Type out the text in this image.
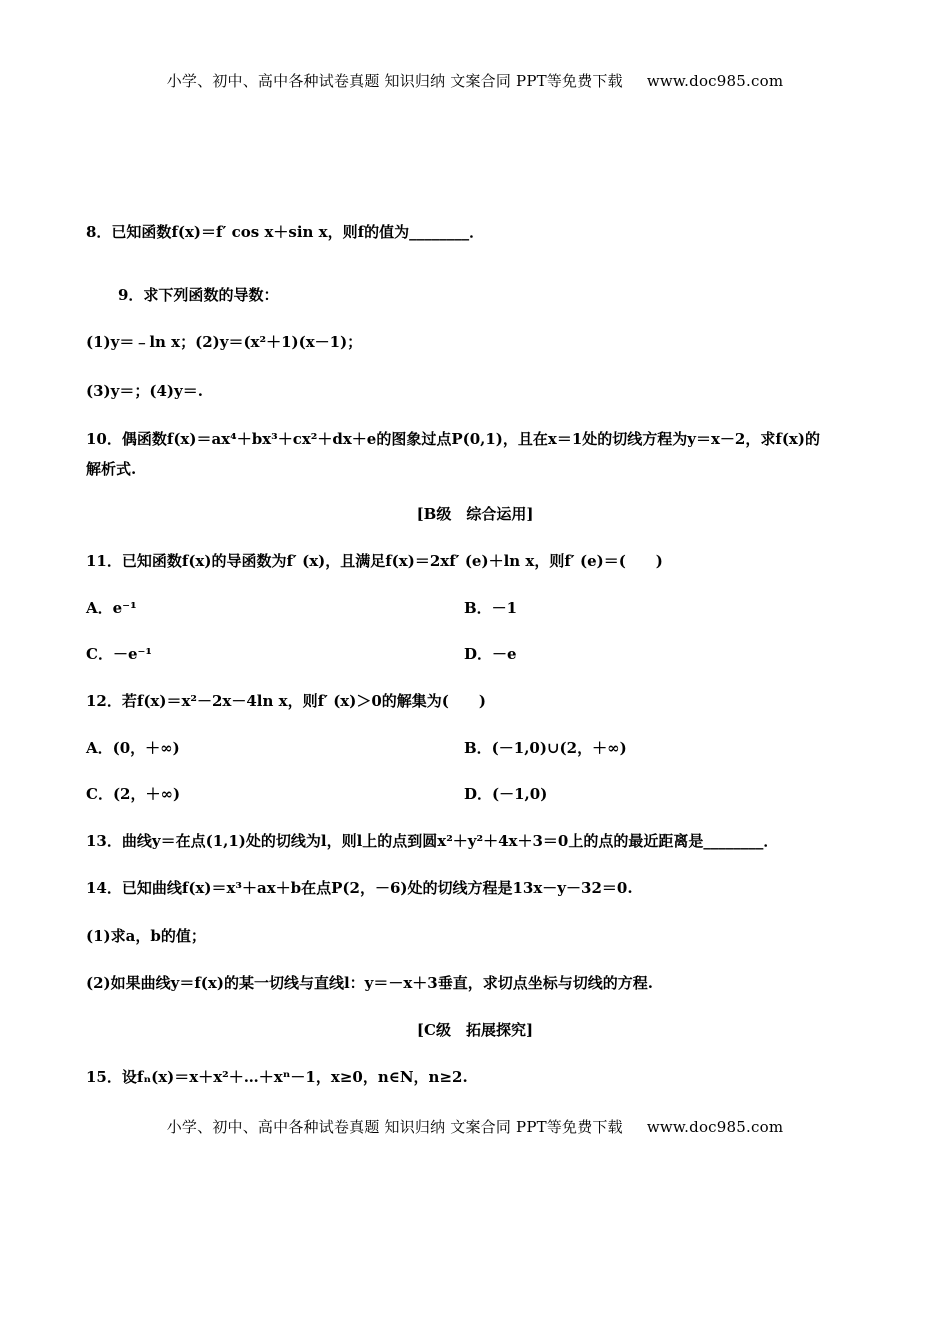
小学、初中、高中各种试卷真题 知识归纳 文案合同 PPT等免费下载 www.doc985.com
8．已知函数f(x)＝f′ cos x＋sin x，则f的值为________．
9．求下列函数的导数：
(1)y＝﹣ln x；(2)y＝(x²＋1)(x－1)；
(3)y＝；(4)y＝.
10．偶函数f(x)＝ax⁴＋bx³＋cx²＋dx＋e的图象过点P(0,1)，且在x＝1处的切线方程为y＝x－2，求f(x)的
解析式.
[B级　综合运用]
11．已知函数f(x)的导函数为f′ (x)，且满足f(x)＝2xf′ (e)＋ln x，则f′ (e)＝(　　)
A．e⁻¹	B．－1
C．－e⁻¹	D．－e
12．若f(x)＝x²－2x－4ln x，则f′ (x)＞0的解集为(　　)
A．(0，＋∞)	B．(－1,0)∪(2，＋∞)
C．(2，＋∞)	D．(－1,0)
13．曲线y＝在点(1,1)处的切线为l，则l上的点到圆x²＋y²＋4x＋3＝0上的点的最近距离是________．
14．已知曲线f(x)＝x³＋ax＋b在点P(2，－6)处的切线方程是13x－y－32＝0.
(1)求a，b的值；
(2)如果曲线y＝f(x)的某一切线与直线l：y＝－x＋3垂直，求切点坐标与切线的方程.
[C级　拓展探究]
15．设fₙ(x)＝x＋x²＋…＋xⁿ－1，x≥0，n∈N，n≥2.
小学、初中、高中各种试卷真题 知识归纳 文案合同 PPT等免费下载 www.doc985.com
